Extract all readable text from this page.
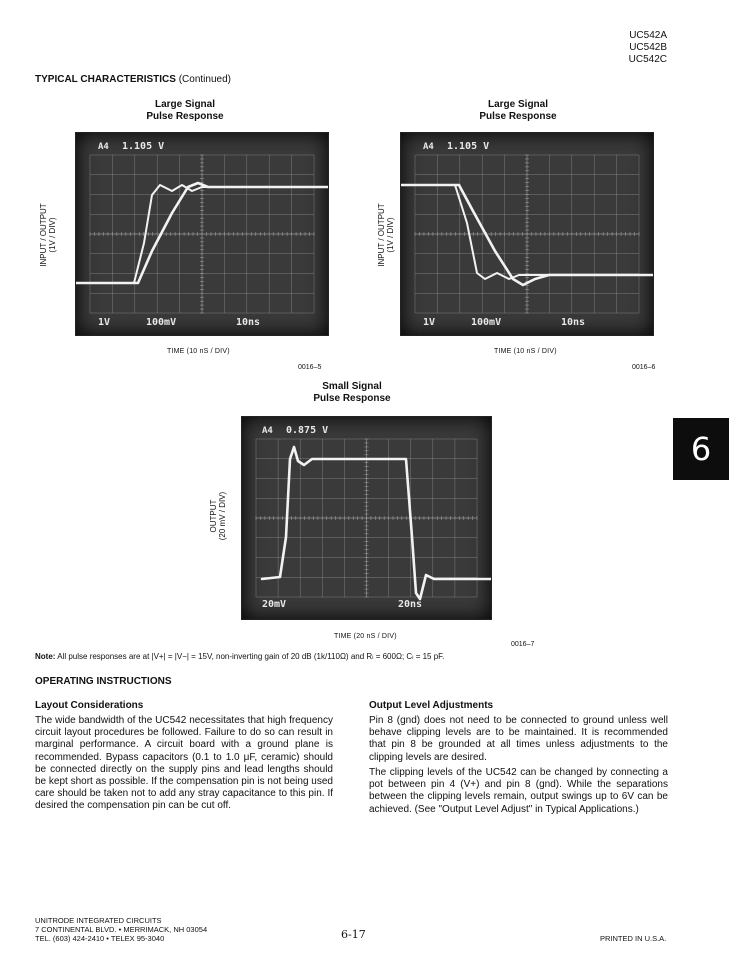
UC542A
UC542B
UC542C
TYPICAL CHARACTERISTICS (Continued)
Large Signal
Pulse Response
INPUT / OUTPUT (1V / DIV)
A4 1.105 V
1V	100mV	10ns
TIME (10 nS / DIV)
0016–5
Large Signal
Pulse Response
INPUT / OUTPUT (1V / DIV)
A4 1.105 V
1V	100mV	10ns
TIME (10 nS / DIV)
0016–6
Small Signal
Pulse Response
OUTPUT (20 mV / DIV)
A4 0.875 V
20mV	20ns
TIME (20 nS / DIV)
0016–7
Note: All pulse responses are at |V+| = |V−| = 15V, non-inverting gain of 20 dB (1k/110Ω) and Rₗ = 600Ω; Cₗ = 15 pF.
OPERATING INSTRUCTIONS
Layout Considerations
The wide bandwidth of the UC542 necessitates that high frequency circuit layout procedures be followed. Failure to do so can result in marginal performance. A circuit board with a ground plane is recommended. Bypass capacitors (0.1 to 1.0 μF, ceramic) should be connected directly on the supply pins and lead lengths should be kept short as possible. If the compensation pin is not being used care should be taken not to add any stray capacitance to this pin. If desired the compensation pin can be cut off.
Output Level Adjustments
Pin 8 (gnd) does not need to be connected to ground unless well behave clipping levels are to be maintained. It is recommended that pin 8 be grounded at all times unless adjustments to the clipping levels are desired.
The clipping levels of the UC542 can be changed by connecting a pot between pin 4 (V+) and pin 8 (gnd). While the separations between the clipping levels remain, output swings up to 6V can be achieved. (See "Output Level Adjust" in Typical Applications.)
6
UNITRODE INTEGRATED CIRCUITS
7 CONTINENTAL BLVD. • MERRIMACK, NH 03054
TEL. (603) 424-2410 • TELEX 95-3040	6-17	PRINTED IN U.S.A.
